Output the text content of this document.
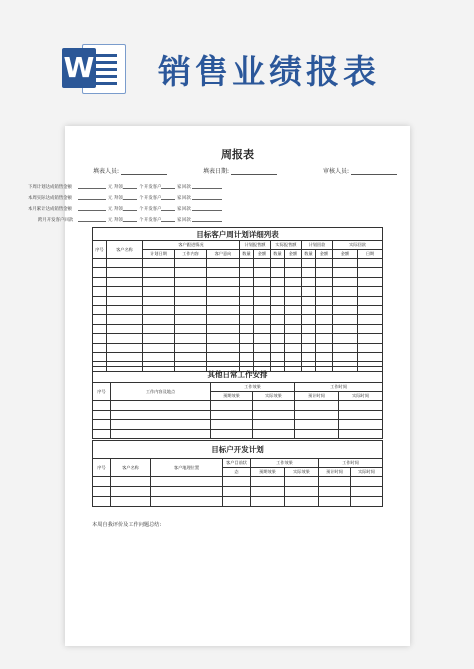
W 销售业绩报表
周报表
填表人员:	填表日期:	审核人员:
目标客户周计划详细列表												
序号	客户名称	客户跟进情况			计划报售额		实际报售额		计划回款		实际回款	
		计划日期	工作内容	客户意向	数量	金额	数量	金额	数量	金额	金额	日期

其他日常工作安排					
序号	工作内容及地点	工作效果		工作时间	
		预期效果	实际效果	预计时间	实际时间

目标户开发计划							
序号	客户名称	客户地理位置	客户目前状	工作效果		工作时间	
			态	预期效果	实际效果	预计时间	实际时间

本周自我评价及工作问题总结:
下周计划达成销售金额	元 拜领	个 开发客户	家 回款
本周实际达成销售金额	元 拜领	个 开发客户	家 回款
本月累计达成销售金额	元 拜领	个 开发客户	家 回款
跨月开发客户回款	元 拜领	个 开发客户	家 回款
